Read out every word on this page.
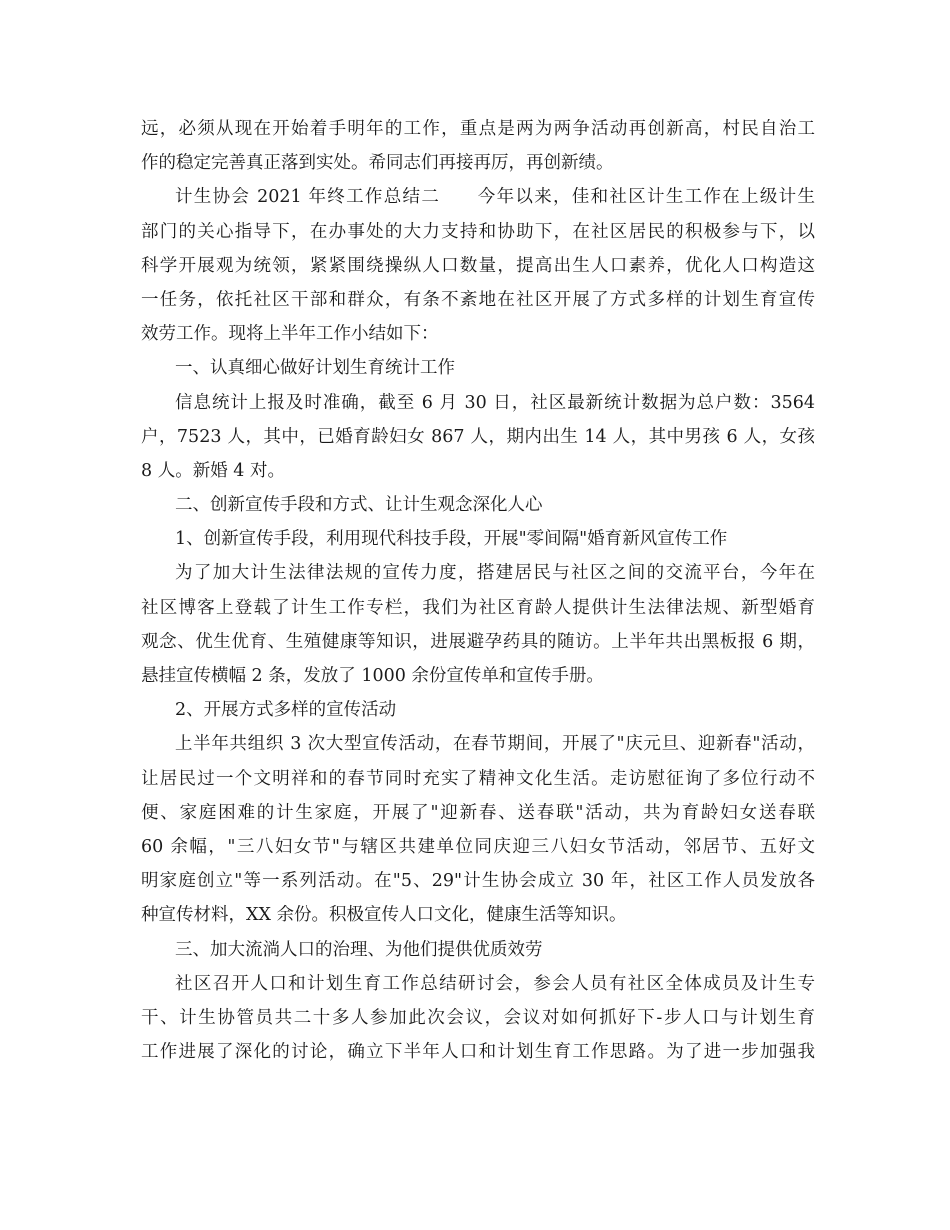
远，必须从现在开始着手明年的工作，重点是两为两争活动再创新高，村民自治工
作的稳定完善真正落到实处。希同志们再接再厉，再创新绩。
计生协会 2021 年终工作总结二　　今年以来，佳和社区计生工作在上级计生
部门的关心指导下，在办事处的大力支持和协助下，在社区居民的积极参与下，以
科学开展观为统领，紧紧围绕操纵人口数量，提高出生人口素养，优化人口构造这
一任务，依托社区干部和群众，有条不紊地在社区开展了方式多样的计划生育宣传
效劳工作。现将上半年工作小结如下：
一、认真细心做好计划生育统计工作
信息统计上报及时准确，截至 6 月 30 日，社区最新统计数据为总户数：3564
户，7523 人，其中，已婚育龄妇女 867 人，期内出生 14 人，其中男孩 6 人，女孩
8 人。新婚 4 对。
二、创新宣传手段和方式、让计生观念深化人心
1、创新宣传手段，利用现代科技手段，开展"零间隔"婚育新风宣传工作
为了加大计生法律法规的宣传力度，搭建居民与社区之间的交流平台，今年在
社区博客上登载了计生工作专栏，我们为社区育龄人提供计生法律法规、新型婚育
观念、优生优育、生殖健康等知识，进展避孕药具的随访。上半年共出黑板报 6 期，
悬挂宣传横幅 2 条，发放了 1000 余份宣传单和宣传手册。
2、开展方式多样的宣传活动
上半年共组织 3 次大型宣传活动，在春节期间，开展了"庆元旦、迎新春"活动，
让居民过一个文明祥和的春节同时充实了精神文化生活。走访慰征询了多位行动不
便、家庭困难的计生家庭，开展了"迎新春、送春联"活动，共为育龄妇女送春联
60 余幅，"三八妇女节"与辖区共建单位同庆迎三八妇女节活动，邻居节、五好文
明家庭创立"等一系列活动。在"5、29"计生协会成立 30 年，社区工作人员发放各
种宣传材料，XX 余份。积极宣传人口文化，健康生活等知识。
三、加大流淌人口的治理、为他们提供优质效劳
社区召开人口和计划生育工作总结研讨会，参会人员有社区全体成员及计生专
干、计生协管员共二十多人参加此次会议，会议对如何抓好下-步人口与计划生育
工作进展了深化的讨论，确立下半年人口和计划生育工作思路。为了进一步加强我
